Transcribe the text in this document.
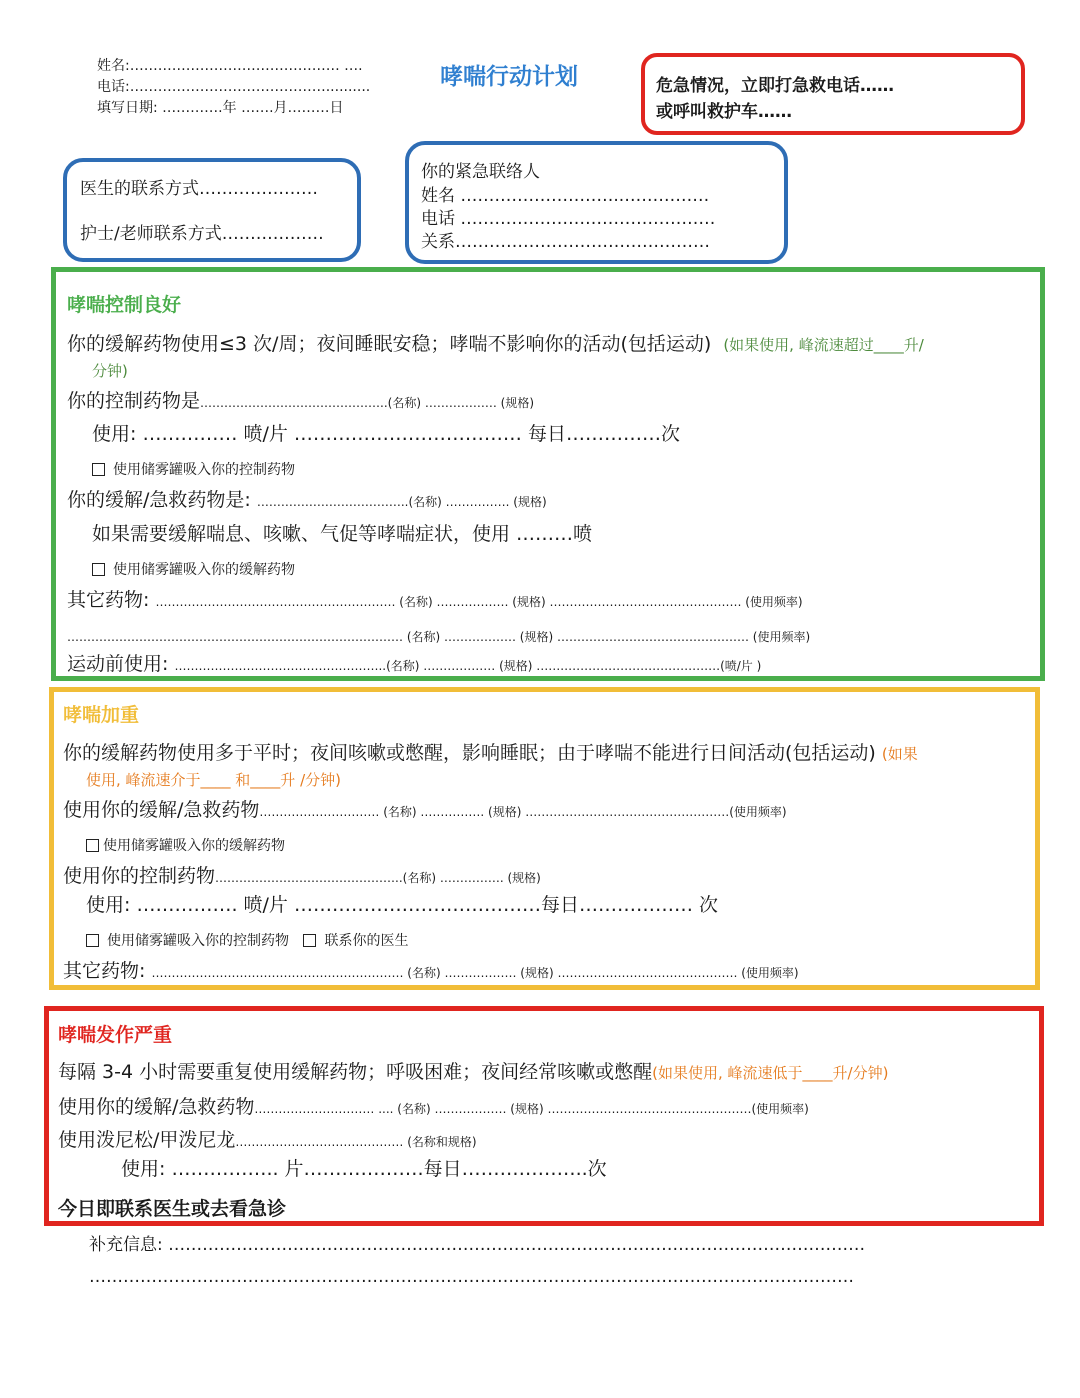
姓名:……………………………………… ….
电话:……………………………………..........
填写日期: ………….年 …….月………日
哮喘行动计划	危急情况，立即打急救电话……
或呼叫救护车……
医生的联系方式…………………
护士/老师联系方式………………
你的紧急联络人
姓名 ………………………..……………
电话 ………………………………………
关系………………………………………
哮喘控制良好
你的缓解药物使用≤3 次/周；夜间睡眠安稳；哮喘不影响你的活动(包括运动) (如果使用, 峰流速超过____升/
分钟)
你的控制药物是………………………………………..(名称) ……………… (规格)
使用: …………… 喷/片 ……………………………… 每日……………次
使用储雾罐吸入你的控制药物
你的缓解/急救药物是: ………………………………..(名称) ……………. (规格)
如果需要缓解喘息、咳嗽、气促等哮喘症状，使用 ………喷
使用储雾罐吸入你的缓解药物
其它药物: …………………………………………………… (名称) ……………… (规格) ………………………………………… (使用频率)
………………………………………………………………………… (名称) ……………… (规格) ………………………………………… (使用频率)
运动前使用: ……………………………………………..(名称) ……………… (规格) …….…………………………………(喷/片 )
哮喘加重
你的缓解药物使用多于平时；夜间咳嗽或憋醒，影响睡眠；由于哮喘不能进行日间活动(包括运动) (如果
使用, 峰流速介于____ 和____升 /分钟)
使用你的缓解/急救药物………………………… (名称) ……………. (规格) ……………………………………………(使用频率)
使用储雾罐吸入你的缓解药物
使用你的控制药物………………………………………..(名称) ……………. (规格)
使用: ……………. 喷/片 …………………………………每日……………… 次
使用储雾罐吸入你的控制药物	联系你的医生
其它药物: ……………………………………………………… (名称) ……………… (规格) ……………………………………… (使用频率)
哮喘发作严重
每隔 3-4 小时需要重复使用缓解药物；呼吸困难；夜间经常咳嗽或憋醒(如果使用, 峰流速低于____升/分钟)
使用你的缓解/急救药物………………………… .... (名称) ……………… (规格) ……………………………………………(使用频率)
使用泼尼松/甲泼尼龙…………………………………… (名称和规格)
使用: …………….. 片……………….每日………………..次
今日即联系医生或去看急诊
补充信息: ……………………………………………………………………………………………………………
………………………………………………………………………………………………………………………
